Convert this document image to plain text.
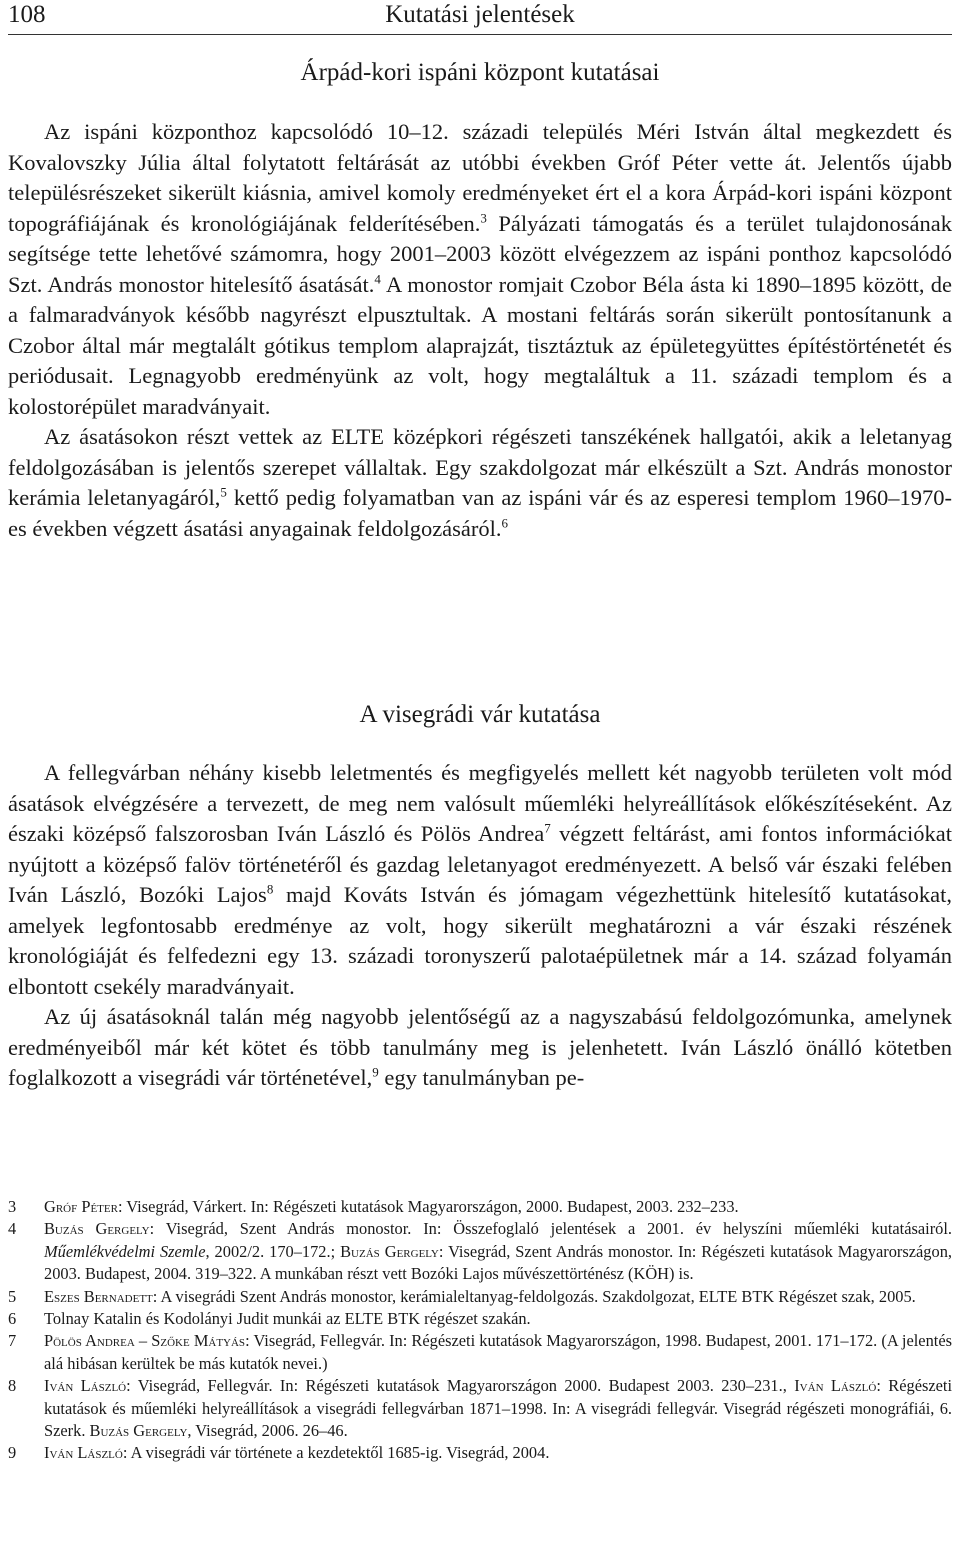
108	Kutatási jelentések
Árpád-kori ispáni központ kutatásai

Az ispáni központhoz kapcsolódó 10–12. századi település Méri István által megkezdett és Kovalovszky Júlia által folytatott feltárását az utóbbi években Gróf Péter vette át. Jelentős újabb településrészeket sikerült kiásnia, amivel komoly eredményeket ért el a kora Árpád-kori ispáni központ topográfiájának és kronológiájának felderítésében.$^3$ Pályázati támogatás és a terület tulajdonosának segítsége tette lehetővé számomra, hogy 2001–2003 között elvégezzem az ispáni ponthoz kapcsolódó Szt. András monostor hitelesítő ásatását.$^4$ A monostor romjait Czobor Béla ásta ki 1890–1895 között, de a falmaradványok később nagyrészt elpusztultak. A mostani feltárás során sikerült pontosítanunk a Czobor által már megtalált gótikus templom alaprajzát, tisztáztuk az épületegyüttes építéstörténetét és periódusait. Legnagyobb eredményünk az volt, hogy megtaláltuk a 11. századi templom és a kolostorépület maradványait.

Az ásatásokon részt vettek az ELTE középkori régészeti tanszékének hallgatói, akik a leletanyag feldolgozásában is jelentős szerepet vállaltak. Egy szakdolgozat már elkészült a Szt. András monostor kerámia leletanyagáról,$^5$ kettő pedig folyamatban van az ispáni vár és az esperesi templom 1960–1970-es években végzett ásatási anyagainak feldolgozásáról.$^6$

A visegrádi vár kutatása

A fellegvárban néhány kisebb leletmentés és megfigyelés mellett két nagyobb területen volt mód ásatások elvégzésére a tervezett, de meg nem valósult műemléki helyreállítások előkészítéseként. Az északi középső falszorosban Iván László és Pölös Andrea$^7$ végzett feltárást, ami fontos információkat nyújtott a középső falöv történetéről és gazdag leletanyagot eredményezett. A belső vár északi felében Iván László, Bozóki Lajos$^8$ majd Kováts István és jómagam végezhettünk hitelesítő kutatásokat, amelyek legfontosabb eredménye az volt, hogy sikerült meghatározni a vár északi részének kronológiáját és felfedezni egy 13. századi toronyszerű palotaépületnek már a 14. század folyamán elbontott csekély maradványait.

Az új ásatásoknál talán még nagyobb jelentőségű az a nagyszabású feldolgozómunka, amelynek eredményeiből már két kötet és több tanulmány meg is jelenhetett. Iván László önálló kötetben foglalkozott a visegrádi vár történetével,$^9$ egy tanulmányban pe-

3 Gróf Péter: Visegrád, Várkert. In: Régészeti kutatások Magyarországon, 2000. Budapest, 2003. 232–233.
4 Buzás Gergely: Visegrád, Szent András monostor. In: Összefoglaló jelentések a 2001. év helyszíni műemléki kutatásairól. Műemlékvédelmi Szemle, 2002/2. 170–172.; Buzás Gergely: Visegrád, Szent András monostor. In: Régészeti kutatások Magyarországon, 2003. Budapest, 2004. 319–322. A munkában részt vett Bozóki Lajos művészettörténész (KÖH) is.
5 Eszes Bernadett: A visegrádi Szent András monostor, kerámialeltanyag-feldolgozás. Szakdolgozat, ELTE BTK Régészet szak, 2005.
6 Tolnay Katalin és Kodolányi Judit munkái az ELTE BTK régészet szakán.
7 Pölös Andrea – Szőke Mátyás: Visegrád, Fellegvár. In: Régészeti kutatások Magyarországon, 1998. Budapest, 2001. 171–172. (A jelentés alá hibásan kerültek be más kutatók nevei.)
8 Iván László: Visegrád, Fellegvár. In: Régészeti kutatások Magyarországon 2000. Budapest 2003. 230–231., Iván László: Régészeti kutatások és műemléki helyreállítások a visegrádi fellegvárban 1871–1998. In: A visegrádi fellegvár. Visegrád régészeti monográfiái, 6. Szerk. Buzás Gergely, Visegrád, 2006. 26–46.
9 Iván László: A visegrádi vár története a kezdetektől 1685-ig. Visegrád, 2004.
